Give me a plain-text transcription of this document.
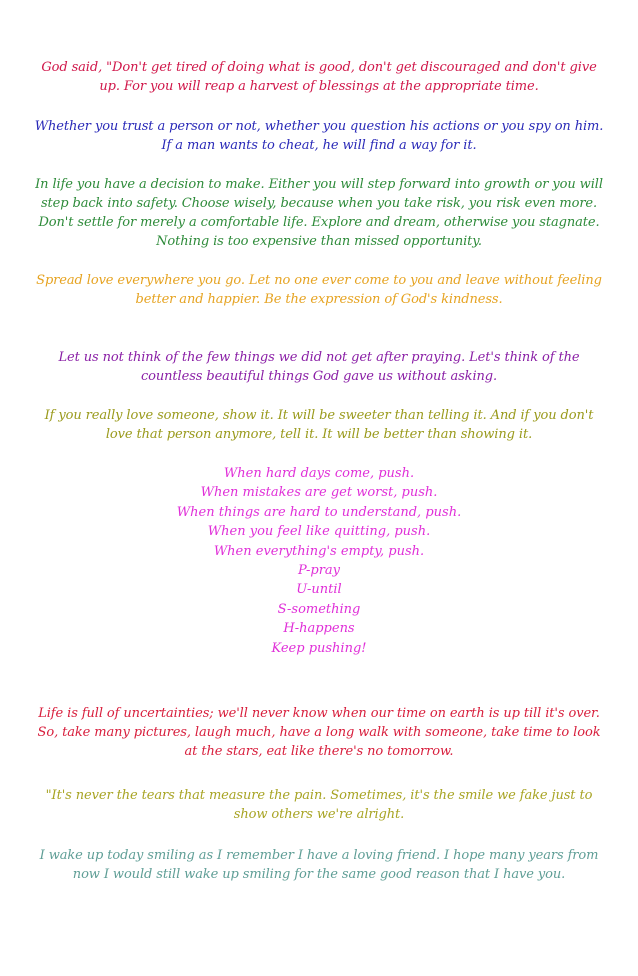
God said, "Don't get tired of doing what is good, don't get discouraged and don't give up. For you will reap a harvest of blessings at the appropriate time.

Whether you trust a person or not, whether you question his actions or you spy on him. If a man wants to cheat, he will find a way for it.

In life you have a decision to make. Either you will step forward into growth or you will step back into safety. Choose wisely, because when you take risk, you risk even more. Don't settle for merely a comfortable life. Explore and dream, otherwise you stagnate. Nothing is too expensive than missed opportunity.

Spread love everywhere you go. Let no one ever come to you and leave without feeling better and happier. Be the expression of God's kindness.

Let us not think of the few things we did not get after praying. Let's think of the countless beautiful things God gave us without asking.

If you really love someone, show it. It will be sweeter than telling it. And if you don't love that person anymore, tell it. It will be better than showing it.

When hard days come, push.
When mistakes are get worst, push.
When things are hard to understand, push.
When you feel like quitting, push.
When everything's empty, push.
P-pray
U-until
S-something
H-happens
Keep pushing!

Life is full of uncertainties; we'll never know when our time on earth is up till it's over. So, take many pictures, laugh much, have a long walk with someone, take time to look at the stars, eat like there's no tomorrow.

"It's never the tears that measure the pain. Sometimes, it's the smile we fake just to show others we're alright.

I wake up today smiling as I remember I have a loving friend. I hope many years from now I would still wake up smiling for the same good reason that I have you.
